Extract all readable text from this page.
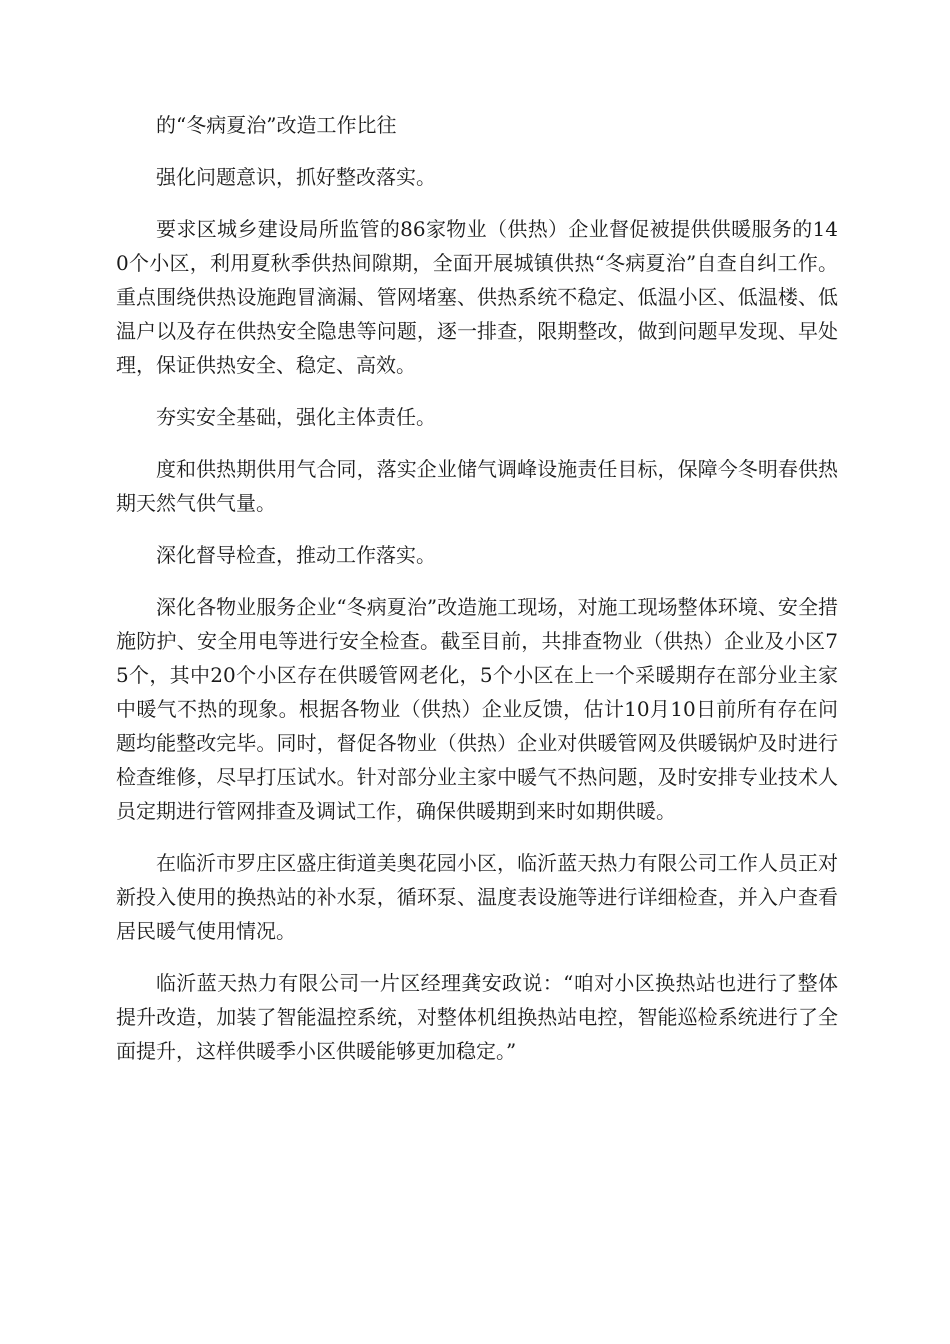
的“冬病夏治”改造工作比往

强化问题意识，抓好整改落实。

要求区城乡建设局所监管的86家物业（供热）企业督促被提供供暖服务的140个小区，利用夏秋季供热间隙期，全面开展城镇供热“冬病夏治”自查自纠工作。重点围绕供热设施跑冒滴漏、管网堵塞、供热系统不稳定、低温小区、低温楼、低温户以及存在供热安全隐患等问题，逐一排查，限期整改，做到问题早发现、早处理，保证供热安全、稳定、高效。

夯实安全基础，强化主体责任。

度和供热期供用气合同，落实企业储气调峰设施责任目标，保障今冬明春供热期天然气供气量。

深化督导检查，推动工作落实。

深化各物业服务企业“冬病夏治”改造施工现场，对施工现场整体环境、安全措施防护、安全用电等进行安全检查。截至目前，共排查物业（供热）企业及小区75个，其中20个小区存在供暖管网老化，5个小区在上一个采暖期存在部分业主家中暖气不热的现象。根据各物业（供热）企业反馈，估计10月10日前所有存在问题均能整改完毕。同时，督促各物业（供热）企业对供暖管网及供暖锅炉及时进行检查维修，尽早打压试水。针对部分业主家中暖气不热问题，及时安排专业技术人员定期进行管网排查及调试工作，确保供暖期到来时如期供暖。

在临沂市罗庄区盛庄街道美奥花园小区，临沂蓝天热力有限公司工作人员正对新投入使用的换热站的补水泵，循环泵、温度表设施等进行详细检查，并入户查看居民暖气使用情况。

临沂蓝天热力有限公司一片区经理龚安政说：“咱对小区换热站也进行了整体提升改造，加装了智能温控系统，对整体机组换热站电控，智能巡检系统进行了全面提升，这样供暖季小区供暖能够更加稳定。”
